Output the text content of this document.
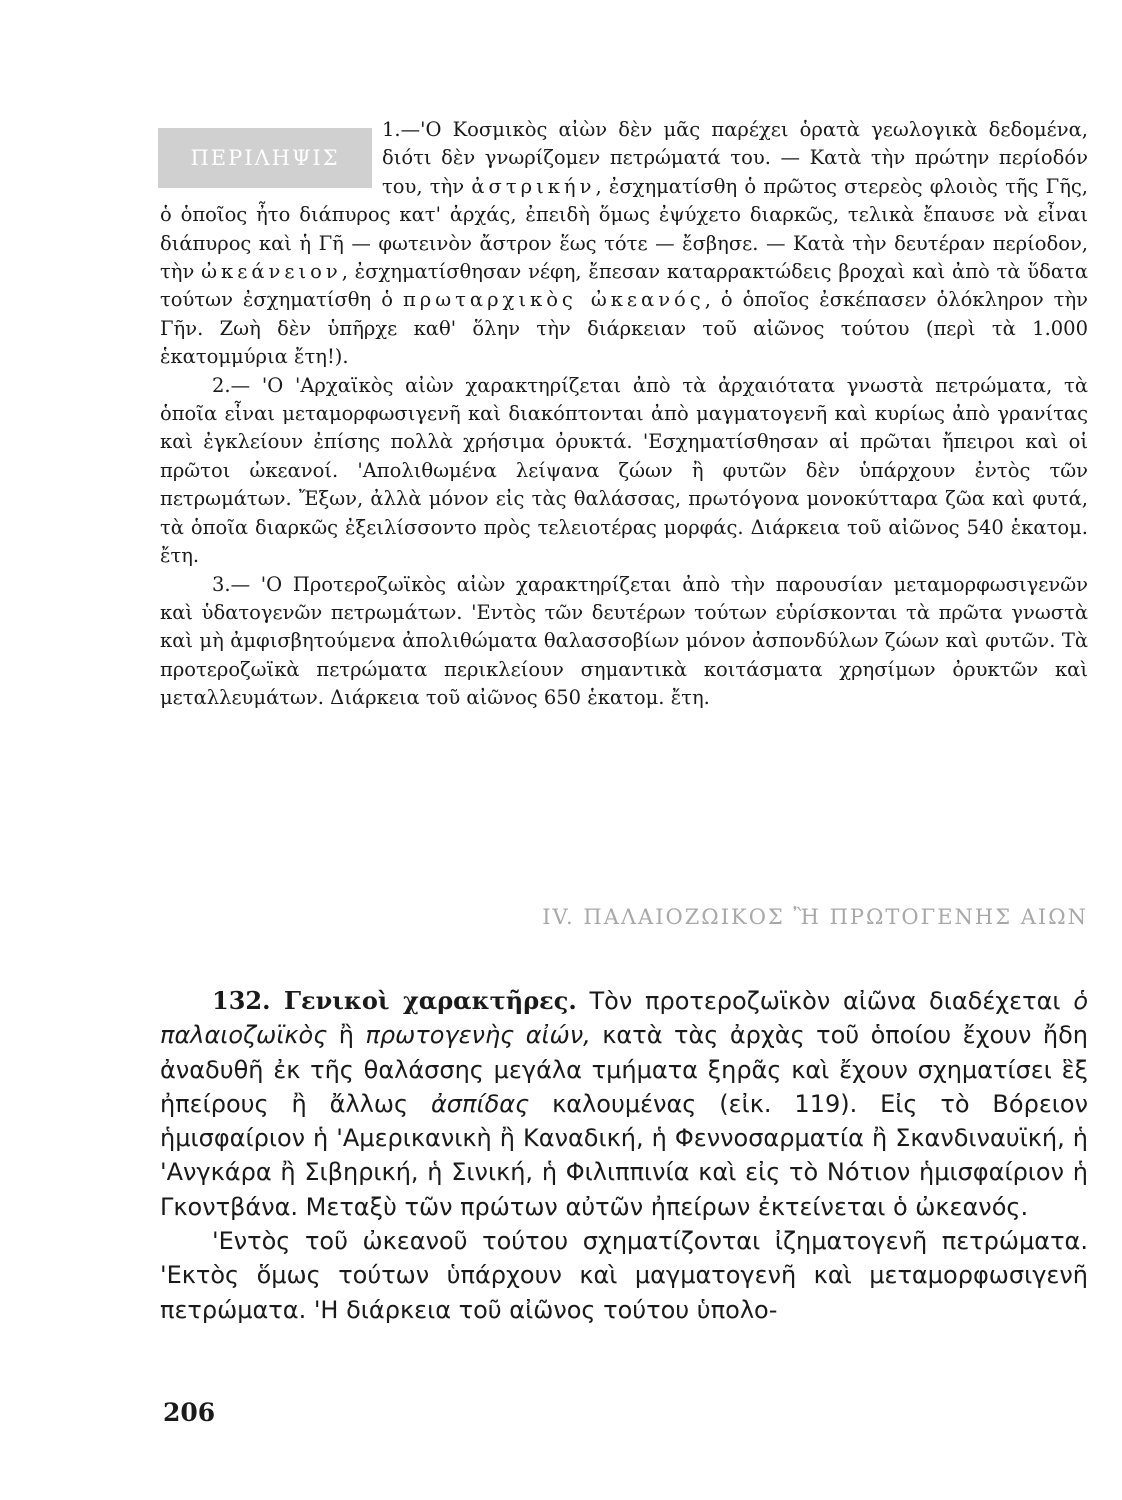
ΠΕΡΙΛΗΨΙΣ

1.—'Ο Κοσμικὸς αἰὼν δὲν μᾶς παρέχει ὁρατὰ γεωλογικὰ δεδομένα, διότι δὲν γνωρίζομεν πετρώματά του. — Κατὰ τὴν πρώτην περίοδόν του, τὴν ἀστρικήν, ἐσχηματίσθη ὁ πρῶτος στερεὸς φλοιὸς τῆς Γῆς, ὁ ὁποῖος ἦτο διάπυρος κατ' ἀρχάς, ἐπειδὴ ὅμως ἐψύχετο διαρκῶς, τελικὰ ἔπαυσε νὰ εἶναι διάπυρος καὶ ἡ Γῆ — φωτεινὸν ἄστρον ἕως τότε — ἔσβησε. — Κατὰ τὴν δευτέραν περίοδον, τὴν ὠκεάνειον, ἐσχηματίσθησαν νέφη, ἔπεσαν καταρρακτώδεις βροχαὶ καὶ ἀπὸ τὰ ὕδατα τούτων ἐσχηματίσθη ὁ πρωταρχικὸς ὠκεανός, ὁ ὁποῖος ἐσκέπασεν ὁλόκληρον τὴν Γῆν. Ζωὴ δὲν ὑπῆρχε καθ' ὅλην τὴν διάρκειαν τοῦ αἰῶνος τούτου (περὶ τὰ 1.000 ἑκατομμύρια ἔτη!).

2.— 'Ο 'Αρχαϊκὸς αἰὼν χαρακτηρίζεται ἀπὸ τὰ ἀρχαιότατα γνωστὰ πετρώματα, τὰ ὁποῖα εἶναι μεταμορφωσιγενῆ καὶ διακόπτονται ἀπὸ μαγματογενῆ καὶ κυρίως ἀπὸ γρανίτας καὶ ἐγκλείουν ἐπίσης πολλὰ χρήσιμα ὀρυκτά. 'Εσχηματίσθησαν αἱ πρῶται ἤπειροι καὶ οἱ πρῶτοι ὠκεανοί. 'Απολιθωμένα λείψανα ζώων ἢ φυτῶν δὲν ὑπάρχουν ἐντὸς τῶν πετρωμάτων. Ἔξων, ἀλλὰ μόνον εἰς τὰς θαλάσσας, πρωτόγονα μονοκύτταρα ζῶα καὶ φυτά, τὰ ὁποῖα διαρκῶς ἐξειλίσσοντο πρὸς τελειοτέρας μορφάς. Διάρκεια τοῦ αἰῶνος 540 ἑκατομ. ἔτη.

3.— 'Ο Προτεροζωϊκὸς αἰὼν χαρακτηρίζεται ἀπὸ τὴν παρουσίαν μεταμορφωσιγενῶν καὶ ὑδατογενῶν πετρωμάτων. 'Εντὸς τῶν δευτέρων τούτων εὑρίσκονται τὰ πρῶτα γνωστὰ καὶ μὴ ἀμφισβητούμενα ἀπολιθώματα θαλασσοβίων μόνον ἀσπονδύλων ζώων καὶ φυτῶν. Τὰ προτεροζωϊκὰ πετρώματα περικλείουν σημαντικὰ κοιτάσματα χρησίμων ὀρυκτῶν καὶ μεταλλευμάτων. Διάρκεια τοῦ αἰῶνος 650 ἑκατομ. ἔτη.

IV. ΠΑΛΑΙΟΖΩΙΚΟΣ Ἢ ΠΡΩΤΟΓΕΝΗΣ ΑΙΩΝ

132. Γενικοὶ χαρακτῆρες. Τὸν προτεροζωϊκὸν αἰῶνα διαδέχεται ὁ παλαιοζωϊκὸς ἢ πρωτογενὴς αἰών, κατὰ τὰς ἀρχὰς τοῦ ὁποίου ἔχουν ἤδη ἀναδυθῆ ἐκ τῆς θαλάσσης μεγάλα τμήματα ξηρᾶς καὶ ἔχουν σχηματίσει ἓξ ἠπείρους ἢ ἄλλως ἀσπίδας καλουμένας (εἰκ. 119). Εἰς τὸ Βόρειον ἡμισφαίριον ἡ 'Αμερικανικὴ ἢ Καναδική, ἡ Φεννοσαρματία ἢ Σκανδιναυϊκή, ἡ 'Ανγκάρα ἢ Σιβηρική, ἡ Σινική, ἡ Φιλιππινία καὶ εἰς τὸ Νότιον ἡμισφαίριον ἡ Γκοντβάνα. Μεταξὺ τῶν πρώτων αὐτῶν ἠπείρων ἐκτείνεται ὁ ὠκεανός.

'Εντὸς τοῦ ὠκεανοῦ τούτου σχηματίζονται ἰζηματογενῆ πετρώματα. 'Εκτὸς ὅμως τούτων ὑπάρχουν καὶ μαγματογενῆ καὶ μεταμορφωσιγενῆ πετρώματα. 'Η διάρκεια τοῦ αἰῶνος τούτου ὑπολο-

206
